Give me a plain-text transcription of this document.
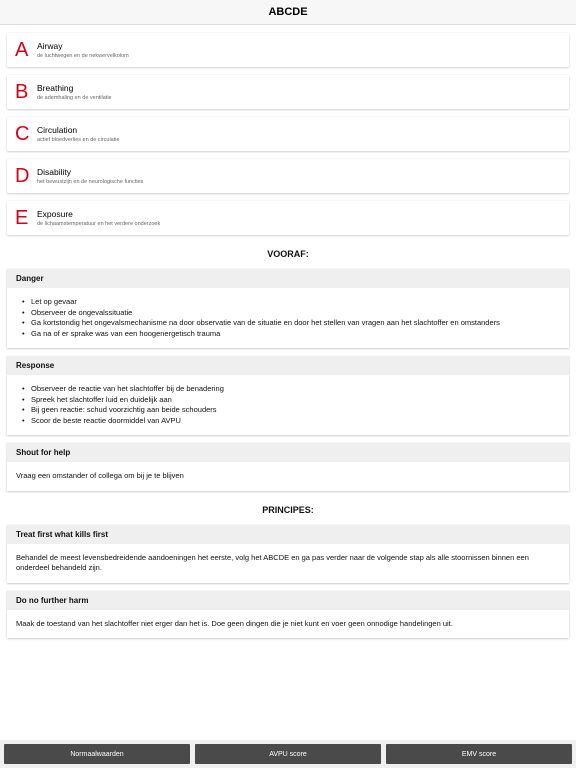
ABCDE
A	Airway
de luchtwegen en de nekwervelkolom
B	Breathing
de ademhaling en de ventilatie
C Circulation
actief bloedverlies en de circulatie
D Disability
het bewustzijn en de neurologische functies
E	Exposure
de lichaamstemperatuur en het verdere onderzoek
VOORAF:
Danger
• Let op gevaar
• Observeer de ongevalssituatie
• Ga kortstondig het ongevalsmechanisme na door observatie van de situatie en door het stellen van vragen aan het slachtoffer en omstanders
• Ga na of er sprake was van een hoogenergetisch trauma
Response
• Observeer de reactie van het slachtoffer bij de benadering
• Spreek het slachtoffer luid en duidelijk aan
• Bij geen reactie: schud voorzichtig aan beide schouders
• Scoor de beste reactie doormiddel van AVPU
Shout for help

Vraag een omstander of collega om bij je te blijven

PRINCIPES:
Treat first what kills first

Behandel de meest levensbedreidende aandoeningen het eerste, volg het ABCDE en ga pas verder naar de volgende stap als alle stoornissen binnen een onderdeel behandeld zijn.

Do no further harm

Maak de toestand van het slachtoffer niet erger dan het is. Doe geen dingen die je niet kunt en voer geen onnodige handelingen uit.

Normaalwaarden	AVPU score	EMV score
